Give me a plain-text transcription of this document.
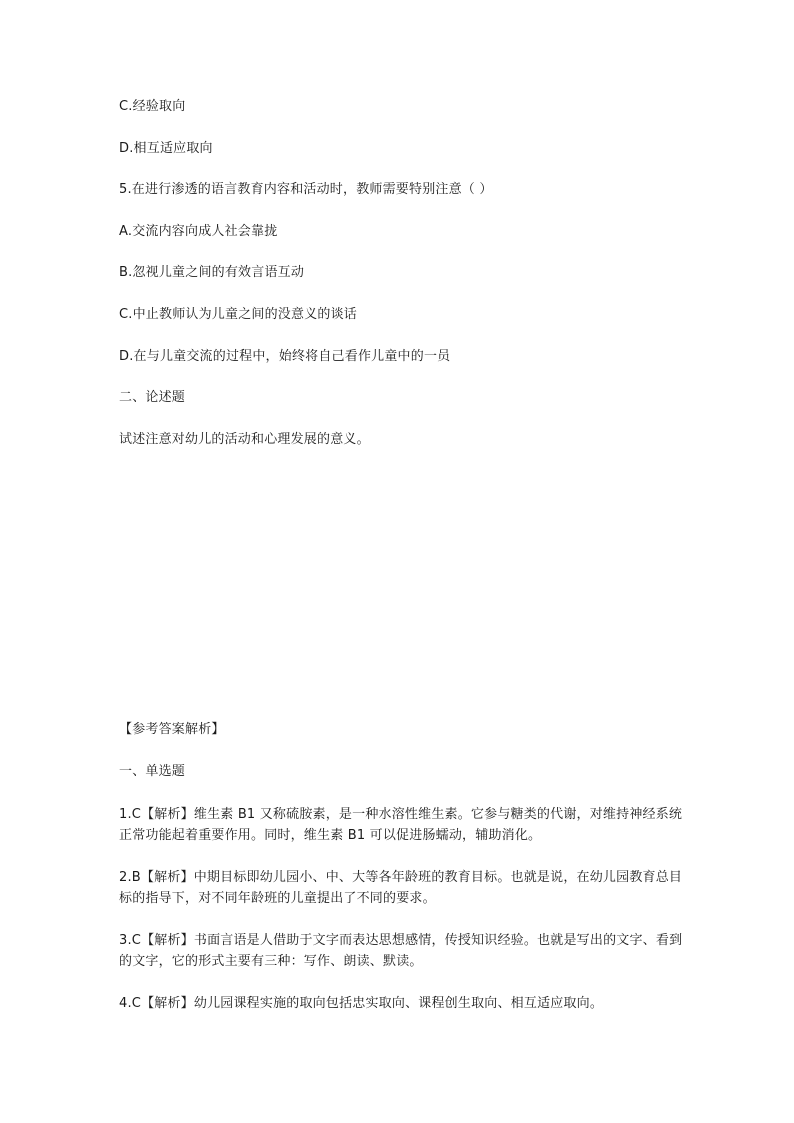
C.经验取向
D.相互适应取向
5.在进行渗透的语言教育内容和活动时，教师需要特别注意（ ）
A.交流内容向成人社会靠拢
B.忽视儿童之间的有效言语互动
C.中止教师认为儿童之间的没意义的谈话
D.在与儿童交流的过程中，始终将自己看作儿童中的一员
二、论述题
试述注意对幼儿的活动和心理发展的意义。
【参考答案解析】
一、单选题
1.C【解析】维生素 B1 又称硫胺素，是一种水溶性维生素。它参与糖类的代谢，对维持神经系统正常功能起着重要作用。同时，维生素 B1 可以促进肠蠕动，辅助消化。
2.B【解析】中期目标即幼儿园小、中、大等各年龄班的教育目标。也就是说，在幼儿园教育总目标的指导下，对不同年龄班的儿童提出了不同的要求。
3.C【解析】书面言语是人借助于文字而表达思想感情，传授知识经验。也就是写出的文字、看到的文字，它的形式主要有三种：写作、朗读、默读。
4.C【解析】幼儿园课程实施的取向包括忠实取向、课程创生取向、相互适应取向。
